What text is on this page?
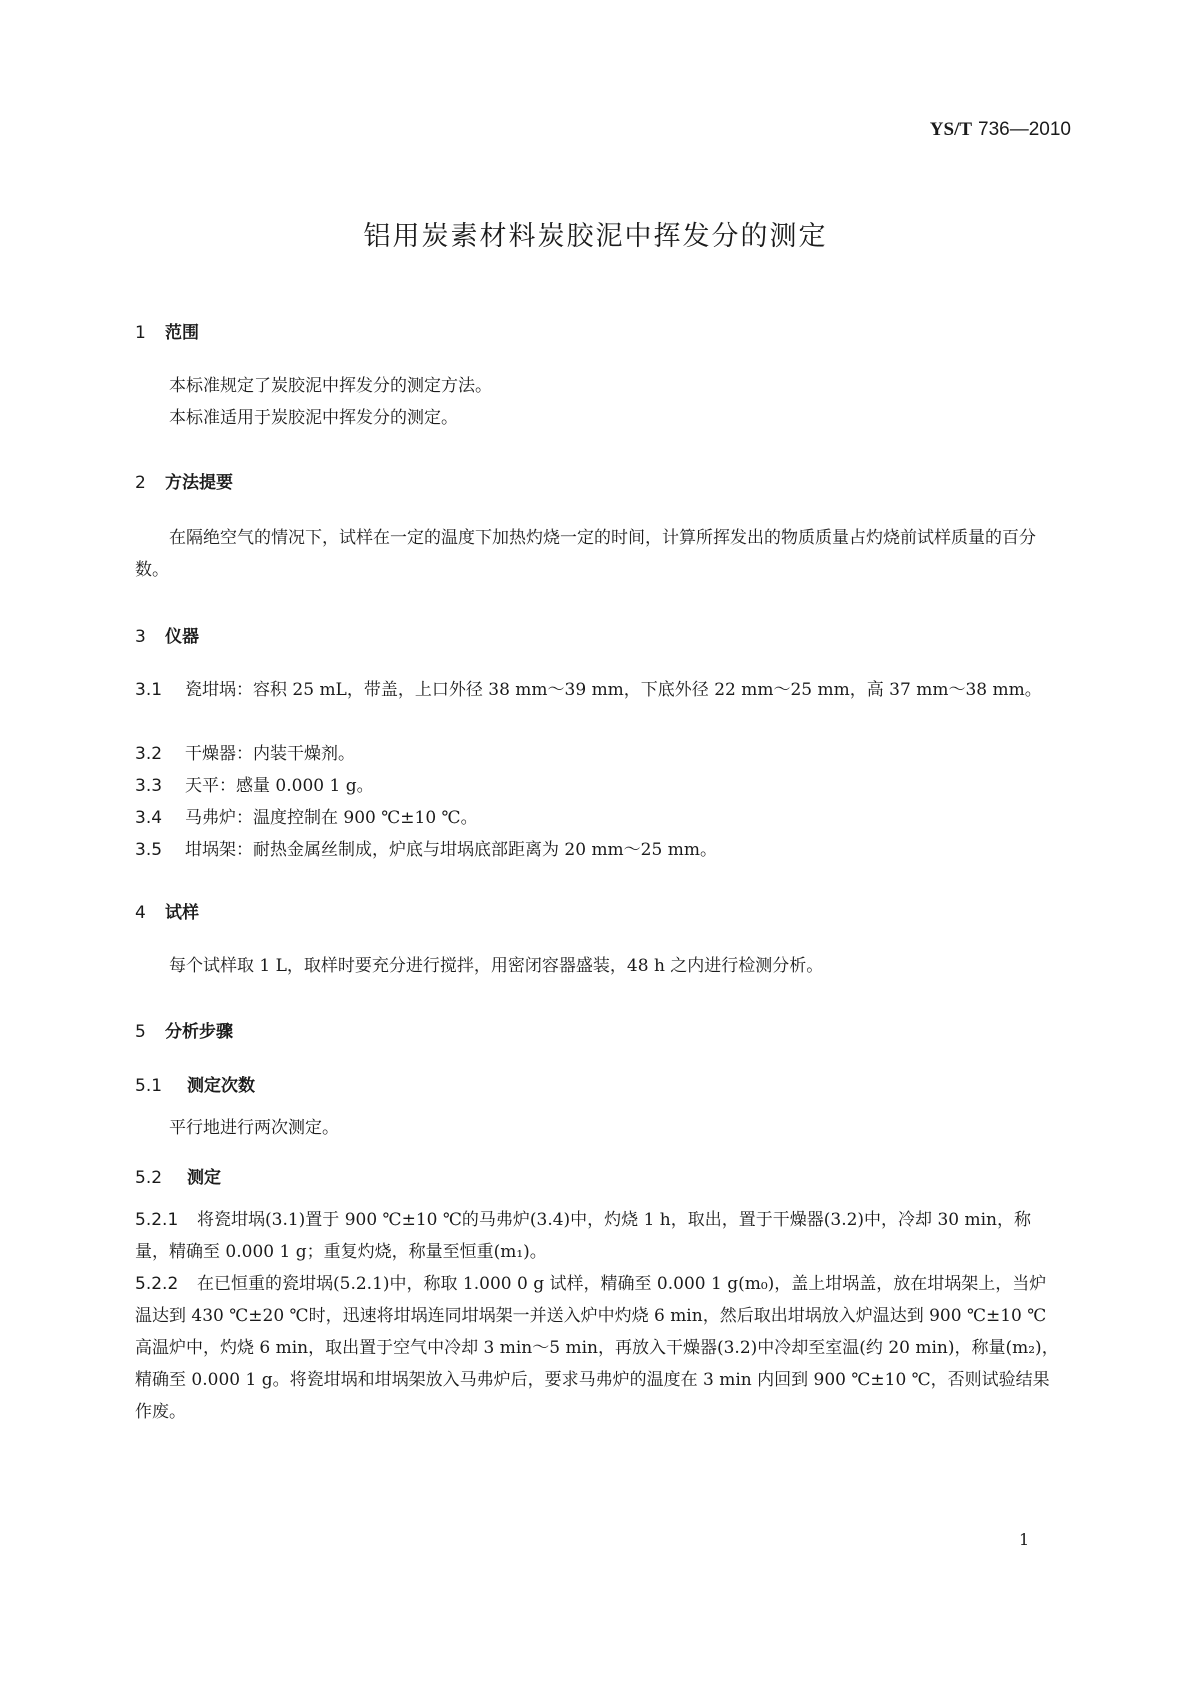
YS/T 736—2010
铝用炭素材料炭胶泥中挥发分的测定
1 范围
本标准规定了炭胶泥中挥发分的测定方法。
本标准适用于炭胶泥中挥发分的测定。
2 方法提要
在隔绝空气的情况下，试样在一定的温度下加热灼烧一定的时间，计算所挥发出的物质质量占灼烧前试样质量的百分数。
3 仪器
3.1 瓷坩埚：容积 25 mL，带盖，上口外径 38 mm～39 mm，下底外径 22 mm～25 mm，高 37 mm～38 mm。
3.2 干燥器：内装干燥剂。
3.3 天平：感量 0.000 1 g。
3.4 马弗炉：温度控制在 900 ℃±10 ℃。
3.5 坩埚架：耐热金属丝制成，炉底与坩埚底部距离为 20 mm～25 mm。
4 试样
每个试样取 1 L，取样时要充分进行搅拌，用密闭容器盛装，48 h 之内进行检测分析。
5 分析步骤
5.1 测定次数
平行地进行两次测定。
5.2 测定
5.2.1 将瓷坩埚(3.1)置于 900 ℃±10 ℃的马弗炉(3.4)中，灼烧 1 h，取出，置于干燥器(3.2)中，冷却 30 min，称量，精确至 0.000 1 g；重复灼烧，称量至恒重(m₁)。
5.2.2 在已恒重的瓷坩埚(5.2.1)中，称取 1.000 0 g 试样，精确至 0.000 1 g(m₀)，盖上坩埚盖，放在坩埚架上，当炉温达到 430 ℃±20 ℃时，迅速将坩埚连同坩埚架一并送入炉中灼烧 6 min，然后取出坩埚放入炉温达到 900 ℃±10 ℃高温炉中，灼烧 6 min，取出置于空气中冷却 3 min～5 min，再放入干燥器(3.2)中冷却至室温(约 20 min)，称量(m₂)，精确至 0.000 1 g。将瓷坩埚和坩埚架放入马弗炉后，要求马弗炉的温度在 3 min 内回到 900 ℃±10 ℃，否则试验结果作废。
1
